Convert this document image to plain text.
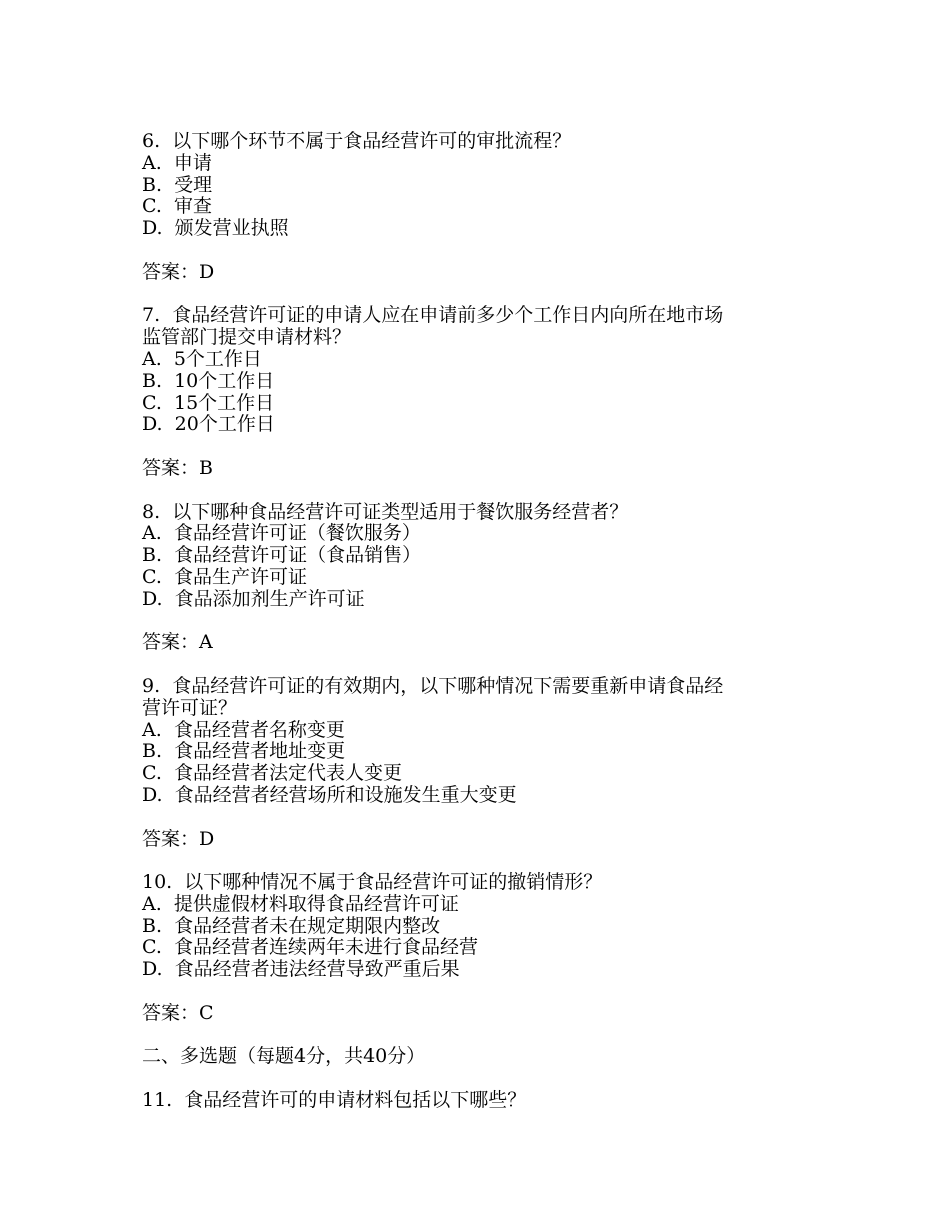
6.  以下哪个环节不属于食品经营许可的审批流程？
A.  申请
B.  受理
C.  审查
D.  颁发营业执照
答案：D
7.  食品经营许可证的申请人应在申请前多少个工作日内向所在地市场
监管部门提交申请材料？
A.  5个工作日
B.  10个工作日
C.  15个工作日
D.  20个工作日
答案：B
8.  以下哪种食品经营许可证类型适用于餐饮服务经营者？
A.  食品经营许可证（餐饮服务）
B.  食品经营许可证（食品销售）
C.  食品生产许可证
D.  食品添加剂生产许可证
答案：A
9.  食品经营许可证的有效期内，以下哪种情况下需要重新申请食品经
营许可证？
A.  食品经营者名称变更
B.  食品经营者地址变更
C.  食品经营者法定代表人变更
D.  食品经营者经营场所和设施发生重大变更
答案：D
10.  以下哪种情况不属于食品经营许可证的撤销情形？
A.  提供虚假材料取得食品经营许可证
B.  食品经营者未在规定期限内整改
C.  食品经营者连续两年未进行食品经营
D.  食品经营者违法经营导致严重后果
答案：C
二、多选题（每题4分，共40分）
11.  食品经营许可的申请材料包括以下哪些？
